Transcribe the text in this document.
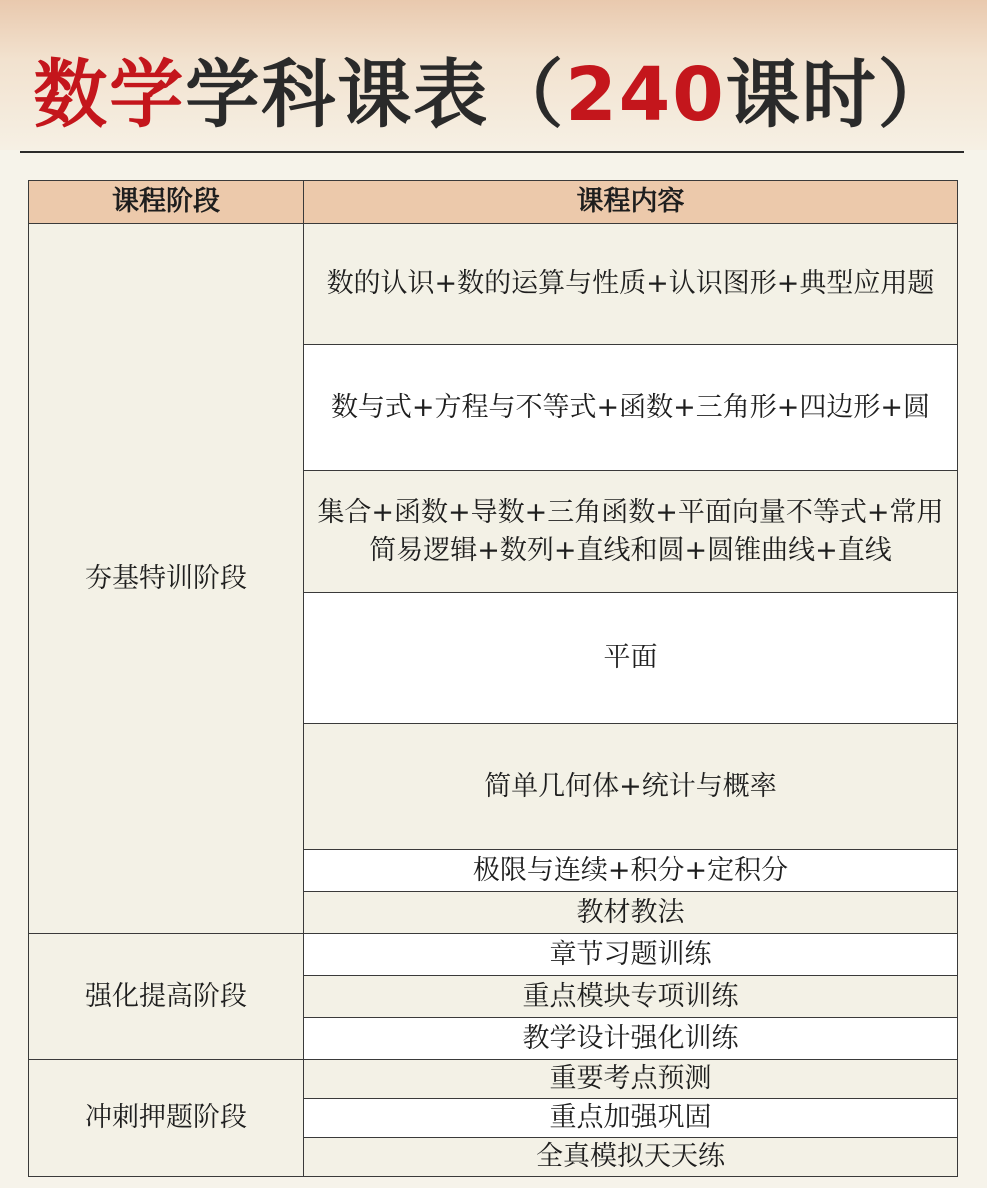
数学学科课表（240课时）
课程阶段	课程内容
夯基特训阶段	数的认识+数的运算与性质+认识图形+典型应用题
	数与式+方程与不等式+函数+三角形+四边形+圆
	集合+函数+导数+三角函数+平面向量不等式+常用简易逻辑+数列+直线和圆+圆锥曲线+直线
	平面
	简单几何体+统计与概率
	极限与连续+积分+定积分
	教材教法
强化提高阶段	章节习题训练
	重点模块专项训练
	教学设计强化训练
冲刺押题阶段	重要考点预测
	重点加强巩固
	全真模拟天天练
